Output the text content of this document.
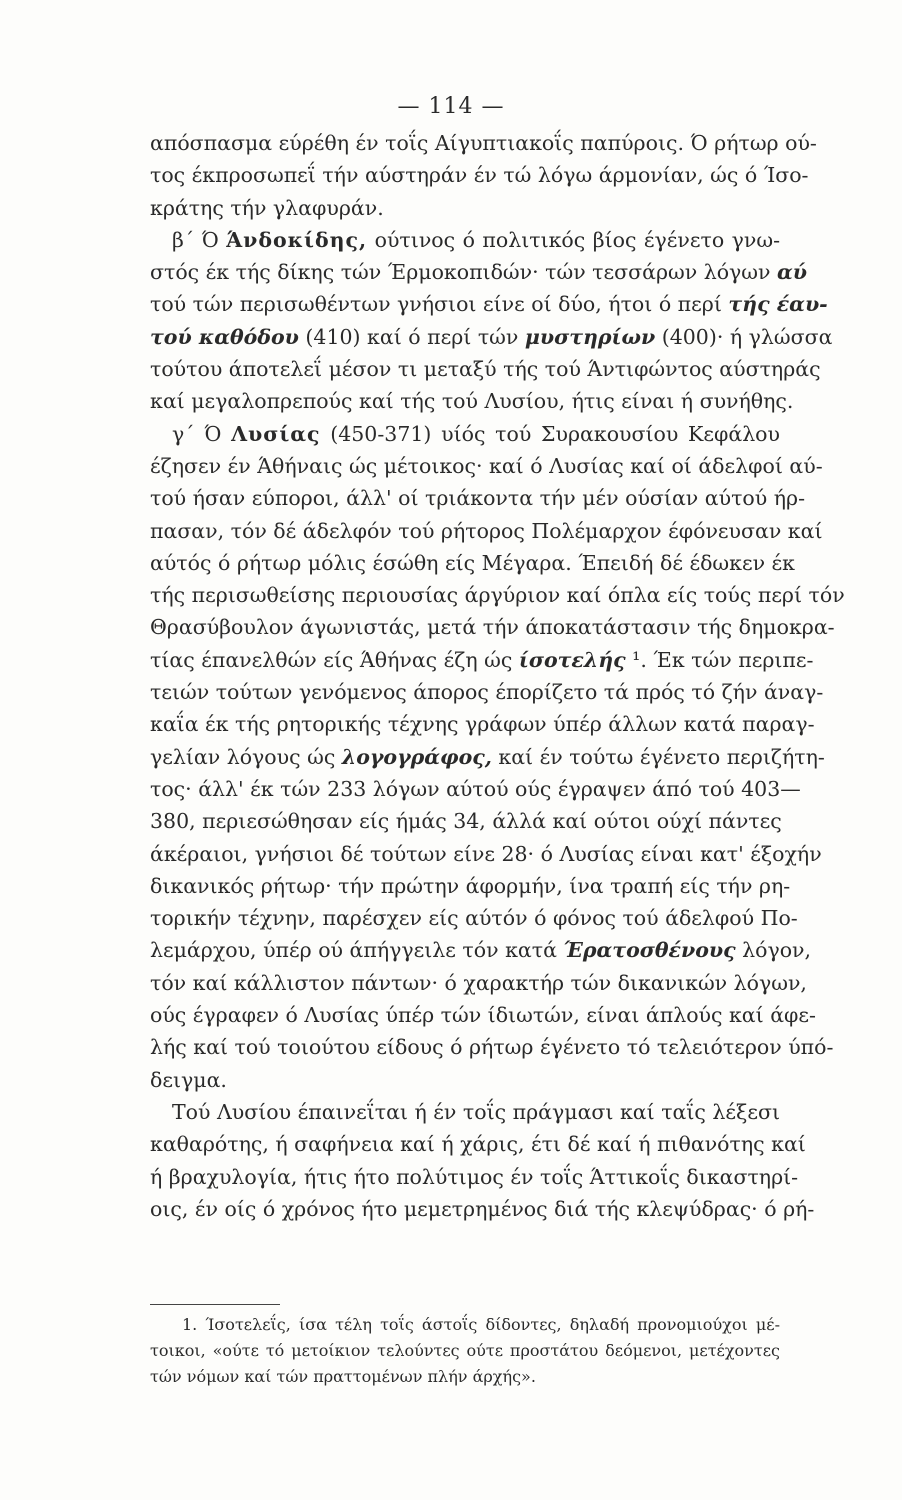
— 114 —
απόσπασμα εύρέθη έν τοΐς Αίγυπτιακοΐς παπύροις. Ό ρήτωρ ού-
τος έκπροσωπεΐ τήν αύστηράν έν τώ λόγω άρμονίαν, ώς ό Ίσο-
κράτης τήν γλαφυράν.
β΄ Ό Άνδοκίδης, ούτινος ό πολιτικός βίος έγένετο γνω-
στός έκ τής δίκης τών Έρμοκοπιδών· τών τεσσάρων λόγων αύ
τού τών περισωθέντων γνήσιοι είνε οί δύο, ήτοι ό περί τής έαυ-
τού καθόδου (410) καί ό περί τών μυστηρίων (400)· ή γλώσσα
τούτου άποτελεΐ μέσον τι μεταξύ τής τού Άντιφώντος αύστηράς
καί μεγαλοπρεπούς καί τής τού Λυσίου, ήτις είναι ή συνήθης.
γ΄ Ό Λυσίας (450-371) υίός τού Συρακουσίου Κεφάλου
έζησεν έν Άθήναις ώς μέτοικος· καί ό Λυσίας καί οί άδελφοί αύ-
τού ήσαν εύποροι, άλλ' οί τριάκοντα τήν μέν ούσίαν αύτού ήρ-
πασαν, τόν δέ άδελφόν τού ρήτορος Πολέμαρχον έφόνευσαν καί
αύτός ό ρήτωρ μόλις έσώθη είς Μέγαρα. Έπειδή δέ έδωκεν έκ
τής περισωθείσης περιουσίας άργύριον καί όπλα είς τούς περί τόν
Θρασύβουλον άγωνιστάς, μετά τήν άποκατάστασιν τής δημοκρα-
τίας έπανελθών είς Άθήνας έζη ώς ίσοτελής ¹. Έκ τών περιπε-
τειών τούτων γενόμενος άπορος έπορίζετο τά πρός τό ζήν άναγ-
καΐα έκ τής ρητορικής τέχνης γράφων ύπέρ άλλων κατά παραγ-
γελίαν λόγους ώς λογογράφος, καί έν τούτω έγένετο περιζήτη-
τος· άλλ' έκ τών 233 λόγων αύτού ούς έγραψεν άπό τού 403—
380, περιεσώθησαν είς ήμάς 34, άλλά καί ούτοι ούχί πάντες
άκέραιοι, γνήσιοι δέ τούτων είνε 28· ό Λυσίας είναι κατ' έξοχήν
δικανικός ρήτωρ· τήν πρώτην άφορμήν, ίνα τραπή είς τήν ρη-
τορικήν τέχνην, παρέσχεν είς αύτόν ό φόνος τού άδελφού Πο-
λεμάρχου, ύπέρ ού άπήγγειλε τόν κατά Έρατοσθένους λόγον,
τόν καί κάλλιστον πάντων· ό χαρακτήρ τών δικανικών λόγων,
ούς έγραφεν ό Λυσίας ύπέρ τών ίδιωτών, είναι άπλούς καί άφε-
λής καί τού τοιούτου είδους ό ρήτωρ έγένετο τό τελειότερον ύπό-
δειγμα.
Τού Λυσίου έπαινεΐται ή έν τοΐς πράγμασι καί ταΐς λέξεσι
καθαρότης, ή σαφήνεια καί ή χάρις, έτι δέ καί ή πιθανότης καί
ή βραχυλογία, ήτις ήτο πολύτιμος έν τοΐς Άττικοΐς δικαστηρί-
οις, έν οίς ό χρόνος ήτο μεμετρημένος διά τής κλεψύδρας· ό ρή-
1. Ίσοτελεΐς, ίσα τέλη τοΐς άστοΐς δίδοντες, δηλαδή προνομιούχοι μέ-
τοικοι, «ούτε τό μετοίκιον τελούντες ούτε προστάτου δεόμενοι, μετέχοντες
τών νόμων καί τών πραττομένων πλήν άρχής».
